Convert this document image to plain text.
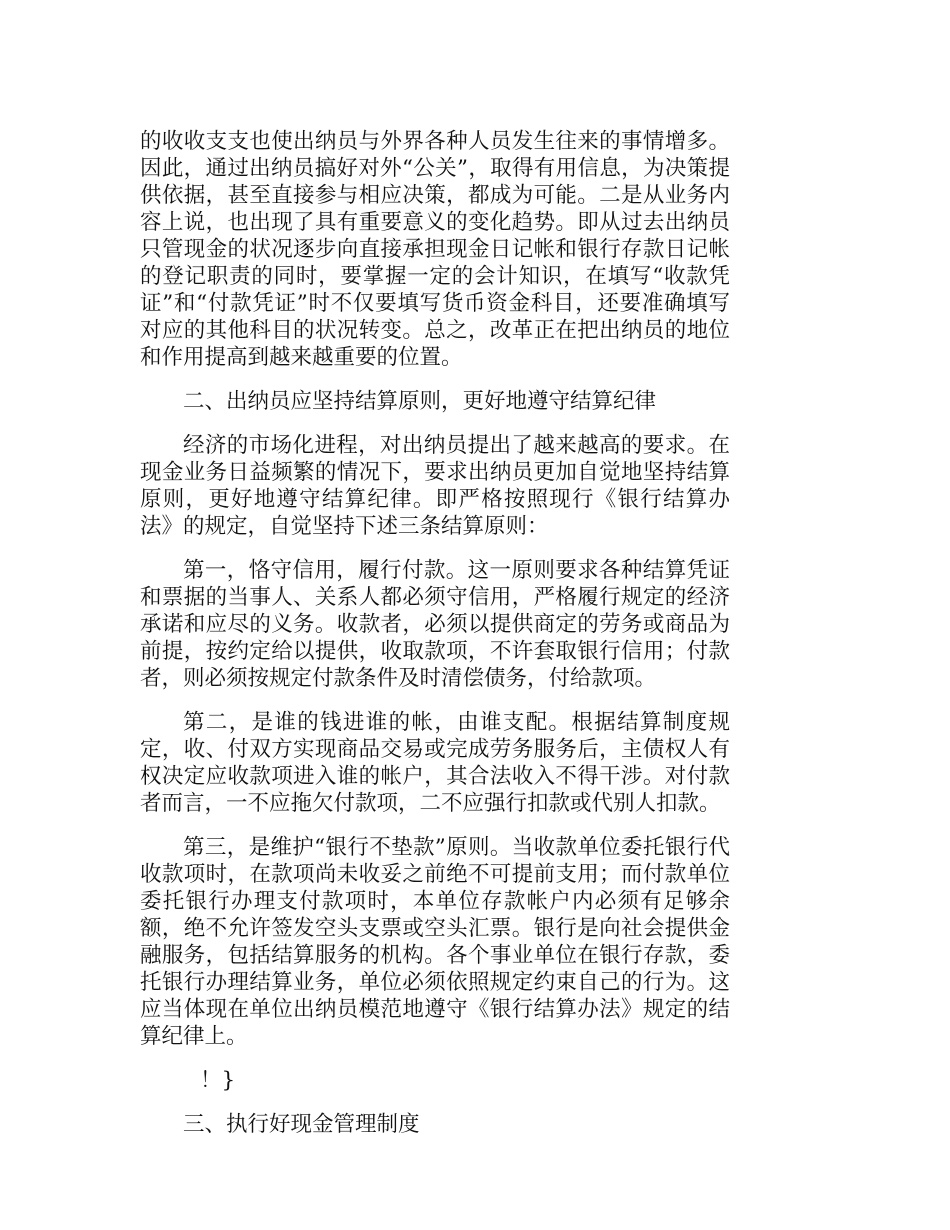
的收收支支也使出纳员与外界各种人员发生往来的事情增多。因此，通过出纳员搞好对外“公关”，取得有用信息，为决策提供依据，甚至直接参与相应决策，都成为可能。二是从业务内容上说，也出现了具有重要意义的变化趋势。即从过去出纳员只管现金的状况逐步向直接承担现金日记帐和银行存款日记帐的登记职责的同时，要掌握一定的会计知识，在填写“收款凭证”和“付款凭证”时不仅要填写货币资金科目，还要准确填写对应的其他科目的状况转变。总之，改革正在把出纳员的地位和作用提高到越来越重要的位置。

二、出纳员应坚持结算原则，更好地遵守结算纪律

经济的市场化进程，对出纳员提出了越来越高的要求。在现金业务日益频繁的情况下，要求出纳员更加自觉地坚持结算原则，更好地遵守结算纪律。即严格按照现行《银行结算办法》的规定，自觉坚持下述三条结算原则：

第一，恪守信用，履行付款。这一原则要求各种结算凭证和票据的当事人、关系人都必须守信用，严格履行规定的经济承诺和应尽的义务。收款者，必须以提供商定的劳务或商品为前提，按约定给以提供，收取款项，不许套取银行信用；付款者，则必须按规定付款条件及时清偿债务，付给款项。

第二，是谁的钱进谁的帐，由谁支配。根据结算制度规定，收、付双方实现商品交易或完成劳务服务后，主债权人有权决定应收款项进入谁的帐户，其合法收入不得干涉。对付款者而言，一不应拖欠付款项，二不应强行扣款或代别人扣款。

第三，是维护“银行不垫款”原则。当收款单位委托银行代收款项时，在款项尚未收妥之前绝不可提前支用；而付款单位委托银行办理支付款项时，本单位存款帐户内必须有足够余额，绝不允许签发空头支票或空头汇票。银行是向社会提供金融服务，包括结算服务的机构。各个事业单位在银行存款，委托银行办理结算业务，单位必须依照规定约束自己的行为。这应当体现在单位出纳员模范地遵守《银行结算办法》规定的结算纪律上。

！}

三、执行好现金管理制度
